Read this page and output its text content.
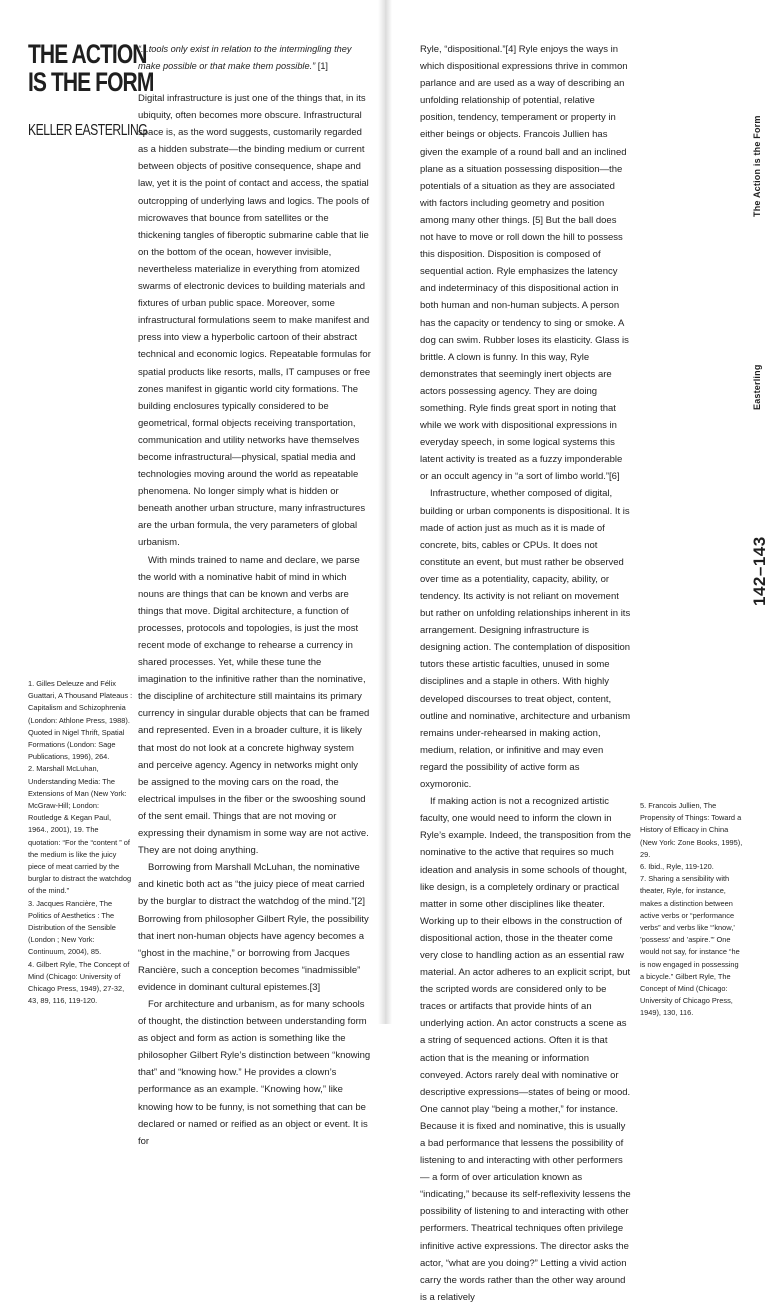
THE ACTION
IS THE FORM
KELLER EASTERLING
“...tools only exist in relation to the intermingling they make possible or that make them possible.” [1]

Digital infrastructure is just one of the things that, in its ubiquity, often becomes more obscure. Infrastructural space is, as the word suggests, customarily regarded as a hidden substrate—the binding medium or current between objects of positive consequence, shape and law, yet it is the point of contact and access, the spatial outcropping of underlying laws and logics. The pools of microwaves that bounce from satellites or the thickening tangles of fiberoptic submarine cable that lie on the bottom of the ocean, however invisible, nevertheless materialize in everything from atomized swarms of electronic devices to building materials and fixtures of urban public space. Moreover, some infrastructural formulations seem to make manifest and press into view a hyperbolic cartoon of their abstract technical and economic logics. Repeatable formulas for spatial products like resorts, malls, IT campuses or free zones manifest in gigantic world city formations. The building enclosures typically considered to be geometrical, formal objects receiving transportation, communication and utility networks have themselves become infrastructural—physical, spatial media and technologies moving around the world as repeatable phenomena. No longer simply what is hidden or beneath another urban structure, many infrastructures are the urban formula, the very parameters of global urbanism.

With minds trained to name and declare, we parse the world with a nominative habit of mind in which nouns are things that can be known and verbs are things that move. Digital architecture, a function of processes, protocols and topologies, is just the most recent mode of exchange to rehearse a currency in shared processes. Yet, while these tune the imagination to the infinitive rather than the nominative, the discipline of architecture still maintains its primary currency in singular durable objects that can be framed and represented. Even in a broader culture, it is likely that most do not look at a concrete highway system and perceive agency. Agency in networks might only be assigned to the moving cars on the road, the electrical impulses in the fiber or the swooshing sound of the sent email. Things that are not moving or expressing their dynamism in some way are not active. They are not doing anything.

Borrowing from Marshall McLuhan, the nominative and kinetic both act as “the juicy piece of meat carried by the burglar to distract the watchdog of the mind.”[2] Borrowing from philosopher Gilbert Ryle, the possibility that inert non-human objects have agency becomes a “ghost in the machine,” or borrowing from Jacques Rancière, such a conception becomes “inadmissible” evidence in dominant cultural epistemes.[3]

For architecture and urbanism, as for many schools of thought, the distinction between understanding form as object and form as action is something like the philosopher Gilbert Ryle’s distinction between “knowing that” and “knowing how.” He provides a clown’s performance as an example. “Knowing how,” like knowing how to be funny, is not something that can be declared or named or reified as an object or event. It is for

1. Gilles Deleuze and Félix Guattari, A Thousand Plateaus : Capitalism and Schizophrenia (London: Athlone Press, 1988). Quoted in Nigel Thrift, Spatial Formations (London: Sage Publications, 1996), 264.

2. Marshall McLuhan, Understanding Media: The Extensions of Man (New York: McGraw-Hill; London: Routledge & Kegan Paul, 1964., 2001), 19. The quotation: “For the “content ” of the medium is like the juicy piece of meat carried by the burglar to distract the watchdog of the mind.”

3. Jacques Rancière, The Politics of Aesthetics : The Distribution of the Sensible (London ; New York: Continuum, 2004), 85.

4. Gilbert Ryle, The Concept of Mind (Chicago: University of Chicago Press, 1949), 27-32, 43, 89, 116, 119-120.

Ryle, “dispositional.”[4] Ryle enjoys the ways in which dispositional expressions thrive in common parlance and are used as a way of describing an unfolding relationship of potential, relative position, tendency, temperament or property in either beings or objects. Francois Jullien has given the example of a round ball and an inclined plane as a situation possessing disposition—the potentials of a situation as they are associated with factors including geometry and position among many other things. [5] But the ball does not have to move or roll down the hill to possess this disposition. Disposition is composed of sequential action. Ryle emphasizes the latency and indeterminacy of this dispositional action in both human and non-human subjects. A person has the capacity or tendency to sing or smoke. A dog can swim. Rubber loses its elasticity. Glass is brittle. A clown is funny. In this way, Ryle demonstrates that seemingly inert objects are actors possessing agency. They are doing something. Ryle finds great sport in noting that while we work with dispositional expressions in everyday speech, in some logical systems this latent activity is treated as a fuzzy imponderable or an occult agency in “a sort of limbo world.”[6]

Infrastructure, whether composed of digital, building or urban components is dispositional. It is made of action just as much as it is made of concrete, bits, cables or CPUs. It does not constitute an event, but must rather be observed over time as a potentiality, capacity, ability, or tendency. Its activity is not reliant on movement but rather on unfolding relationships inherent in its arrangement. Designing infrastructure is designing action. The contemplation of disposition tutors these artistic faculties, unused in some disciplines and a staple in others. With highly developed discourses to treat object, content, outline and nominative, architecture and urbanism remains under-rehearsed in making action, medium, relation, or infinitive and may even regard the possibility of active form as oxymoronic.

If making action is not a recognized artistic faculty, one would need to inform the clown in Ryle’s example. Indeed, the transposition from the nominative to the active that requires so much ideation and analysis in some schools of thought, like design, is a completely ordinary or practical matter in some other disciplines like theater. Working up to their elbows in the construction of dispositional action, those in the theater come very close to handling action as an essential raw material. An actor adheres to an explicit script, but the scripted words are considered only to be traces or artifacts that provide hints of an underlying action. An actor constructs a scene as a string of sequenced actions. Often it is that action that is the meaning or information conveyed. Actors rarely deal with nominative or descriptive expressions—states of being or mood. One cannot play “being a mother,” for instance. Because it is fixed and nominative, this is usually a bad performance that lessens the possibility of listening to and interacting with other performers — a form of over articulation known as “indicating,” because its self-reflexivity lessens the possibility of listening to and interacting with other performers. Theatrical techniques often privilege infinitive active expressions. The director asks the actor, “what are you doing?” Letting a vivid action carry the words rather than the other way around is a relatively

5. Francois Jullien, The Propensity of Things: Toward a History of Efficacy in China (New York: Zone Books, 1995), 29.

6. Ibid., Ryle, 119-120.

7. Sharing a sensibility with theater, Ryle, for instance, makes a distinction between active verbs or “performance verbs” and verbs like “’know,’ ’possess’ and ’aspire.’” One would not say, for instance “he is now engaged in possessing a bicycle.” Gilbert Ryle, The Concept of Mind (Chicago: University of Chicago Press, 1949), 130, 116.

The Action is the Form
Easterling
142–143
